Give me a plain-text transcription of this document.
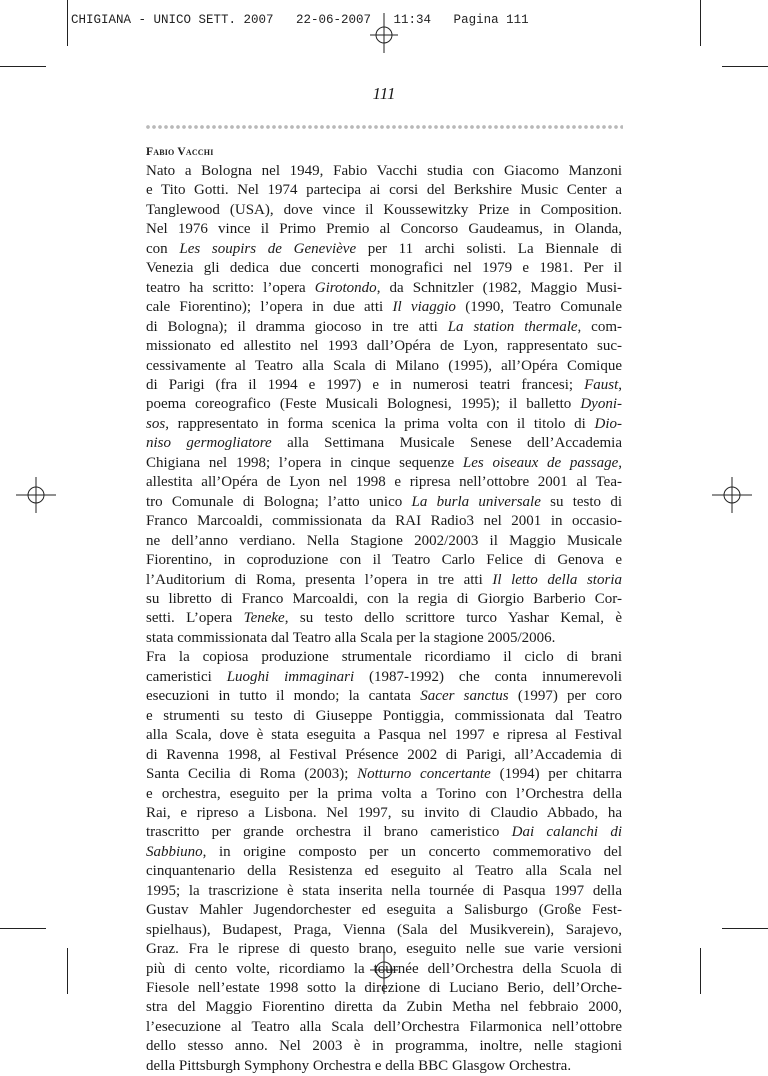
CHIGIANA - UNICO SETT. 2007   22-06-2007   11:34   Pagina 111
111
Fabio Vacchi
Nato a Bologna nel 1949, Fabio Vacchi studia con Giacomo Manzoni
e Tito Gotti. Nel 1974 partecipa ai corsi del Berkshire Music Center a
Tanglewood (USA), dove vince il Koussewitzky Prize in Composition.
Nel 1976 vince il Primo Premio al Concorso Gaudeamus, in Olanda,
con Les soupirs de Geneviève per 11 archi solisti. La Biennale di
Venezia gli dedica due concerti monografici nel 1979 e 1981. Per il
teatro ha scritto: l’opera Girotondo, da Schnitzler (1982, Maggio Musi-
cale Fiorentino); l’opera in due atti Il viaggio (1990, Teatro Comunale
di Bologna); il dramma giocoso in tre atti La station thermale, com-
missionato ed allestito nel 1993 dall’Opéra de Lyon, rappresentato suc-
cessivamente al Teatro alla Scala di Milano (1995), all’Opéra Comique
di Parigi (fra il 1994 e 1997) e in numerosi teatri francesi; Faust,
poema coreografico (Feste Musicali Bolognesi, 1995); il balletto Dyoni-
sos, rappresentato in forma scenica la prima volta con il titolo di Dio-
niso germogliatore alla Settimana Musicale Senese dell’Accademia
Chigiana nel 1998; l’opera in cinque sequenze Les oiseaux de passage,
allestita all’Opéra de Lyon nel 1998 e ripresa nell’ottobre 2001 al Tea-
tro Comunale di Bologna; l’atto unico La burla universale su testo di
Franco Marcoaldi, commissionata da RAI Radio3 nel 2001 in occasio-
ne dell’anno verdiano. Nella Stagione 2002/2003 il Maggio Musicale
Fiorentino, in coproduzione con il Teatro Carlo Felice di Genova e
l’Auditorium di Roma, presenta l’opera in tre atti Il letto della storia
su libretto di Franco Marcoaldi, con la regia di Giorgio Barberio Cor-
setti. L’opera Teneke, su testo dello scrittore turco Yashar Kemal, è
stata commissionata dal Teatro alla Scala per la stagione 2005/2006.
Fra la copiosa produzione strumentale ricordiamo il ciclo di brani
cameristici Luoghi immaginari (1987-1992) che conta innumerevoli
esecuzioni in tutto il mondo; la cantata Sacer sanctus (1997) per coro
e strumenti su testo di Giuseppe Pontiggia, commissionata dal Teatro
alla Scala, dove è stata eseguita a Pasqua nel 1997 e ripresa al Festival
di Ravenna 1998, al Festival Présence 2002 di Parigi, all’Accademia di
Santa Cecilia di Roma (2003); Notturno concertante (1994) per chitarra
e orchestra, eseguito per la prima volta a Torino con l’Orchestra della
Rai, e ripreso a Lisbona. Nel 1997, su invito di Claudio Abbado, ha
trascritto per grande orchestra il brano cameristico Dai calanchi di
Sabbiuno, in origine composto per un concerto commemorativo del
cinquantenario della Resistenza ed eseguito al Teatro alla Scala nel
1995; la trascrizione è stata inserita nella tournée di Pasqua 1997 della
Gustav Mahler Jugendorchester ed eseguita a Salisburgo (Große Fest-
spielhaus), Budapest, Praga, Vienna (Sala del Musikverein), Sarajevo,
Graz. Fra le riprese di questo brano, eseguito nelle sue varie versioni
più di cento volte, ricordiamo la tournée dell’Orchestra della Scuola di
Fiesole nell’estate 1998 sotto la direzione di Luciano Berio, dell’Orche-
stra del Maggio Fiorentino diretta da Zubin Metha nel febbraio 2000,
l’esecuzione al Teatro alla Scala dell’Orchestra Filarmonica nell’ottobre
dello stesso anno. Nel 2003 è in programma, inoltre, nelle stagioni
della Pittsburgh Symphony Orchestra e della BBC Glasgow Orchestra.
